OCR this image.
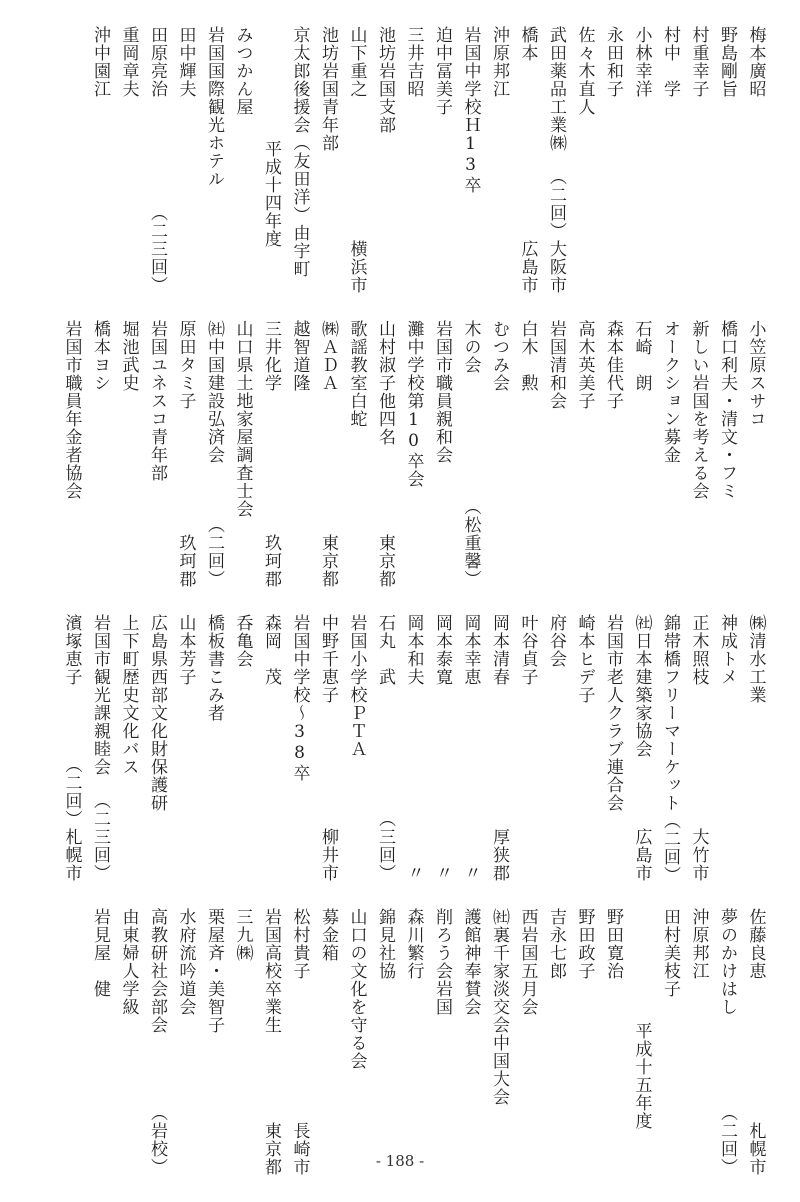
梅本廣昭
野島剛旨
村重幸子
村中　学
小林幸洋
永田和子
佐々木直人
武田薬品工業㈱
（二回）大阪市
橋本
広島市
沖原邦江
岩国中学校Ｈ13卒
迫中冨美子
三井吉昭
池坊岩国支部
山下重之
横浜市
池坊岩国青年部
京太郎後援会（友田洋）由宇町
平成十四年度
みつかん屋
岩国国際観光ホテル
田中輝夫
田原亮治
（二三回）
重岡章夫
沖中園江
小笠原スサコ
橋口利夫・清文・フミ
新しい岩国を考える会
オークション募金
石崎　朗
森本佳代子
高木英美子
岩国清和会
白木　勲
むつみ会
木の会
（松重馨）
岩国市職員親和会
灘中学校第10卒会
山村淑子他四名
東京都
歌謡教室白蛇
㈱ＡＤＡ
東京都
越智道隆
三井化学
玖珂郡
山口県土地家屋調査士会
㈳中国建設弘済会
（二回）
原田タミ子
玖珂郡
岩国ユネスコ青年部
堀池武史
橋本ヨシ
岩国市職員年金者協会
㈱清水工業
神成トメ
正木照枝
大竹市
錦帯橋フリーマーケット（二回）
㈳日本建築家協会
広島市
岩国市老人クラブ連合会
崎本ヒデ子
府谷会
叶谷貞子
岡本清春
厚狭郡
岡本幸恵
〃
岡本泰寛
〃
岡本和夫
〃
石丸　武
（三回）
岩国小学校ＰＴＡ
中野千恵子
柳井市
岩国中学校～38卒
森岡　茂
呑亀会
橋板書こみ者
山本芳子
広島県西部文化財保護研
上下町歴史文化バス
岩国市観光課親睦会
（二三回）
濱塚恵子
（二回）札幌市
佐藤良恵
札幌市
夢のかけはし
（二回）
沖原邦江
田村美枝子
平成十五年度
野田寛治
野田政子
吉永七郎
西岩国五月会
㈳裏千家淡交会中国大会
護館神奉賛会
削ろう会岩国
森川繁行
錦見社協
山口の文化を守る会
募金箱
松村貴子
長崎市
岩国高校卒業生
東京都
三九㈱
栗屋斉・美智子
水府流吟道会
高教研社会部会
（岩校）
由東婦人学級
岩見屋　健
- 188 -
